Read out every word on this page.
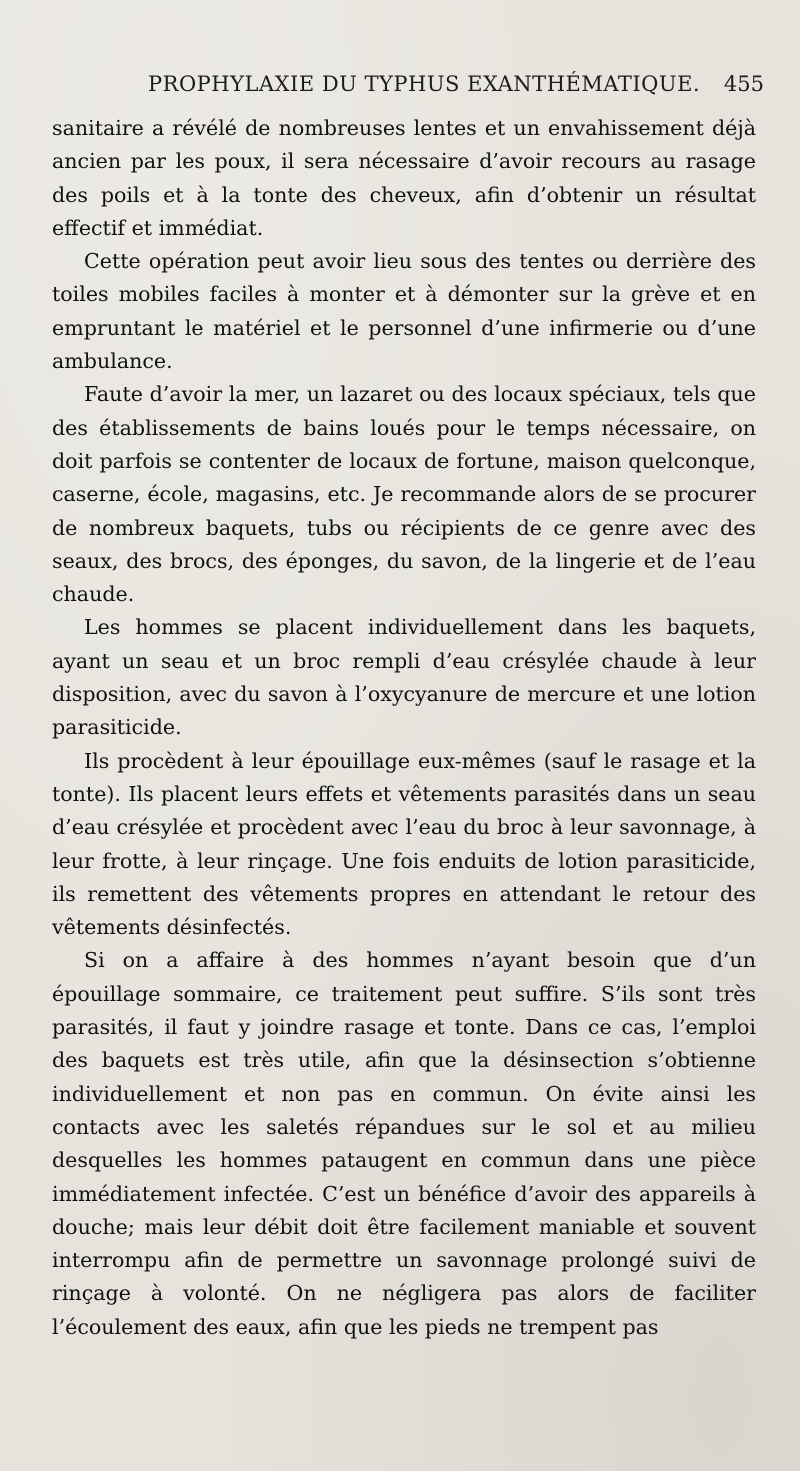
PROPHYLAXIE DU TYPHUS EXANTHÉMATIQUE. 455

sanitaire a révélé de nombreuses lentes et un envahissement déjà ancien par les poux, il sera nécessaire d’avoir recours au rasage des poils et à la tonte des cheveux, afin d’obtenir un résultat effectif et immédiat.

Cette opération peut avoir lieu sous des tentes ou derrière des toiles mobiles faciles à monter et à démonter sur la grève et en empruntant le matériel et le personnel d’une infirmerie ou d’une ambulance.

Faute d’avoir la mer, un lazaret ou des locaux spéciaux, tels que des établissements de bains loués pour le temps nécessaire, on doit parfois se contenter de locaux de fortune, maison quelconque, caserne, école, magasins, etc. Je recommande alors de se procurer de nombreux baquets, tubs ou récipients de ce genre avec des seaux, des brocs, des éponges, du savon, de la lingerie et de l’eau chaude.

Les hommes se placent individuellement dans les baquets, ayant un seau et un broc rempli d’eau crésylée chaude à leur disposition, avec du savon à l’oxycyanure de mercure et une lotion parasiticide.

Ils procèdent à leur épouillage eux-mêmes (sauf le rasage et la tonte). Ils placent leurs effets et vêtements parasités dans un seau d’eau crésylée et procèdent avec l’eau du broc à leur savonnage, à leur frotte, à leur rinçage. Une fois enduits de lotion parasiticide, ils remettent des vêtements propres en attendant le retour des vêtements désinfectés.

Si on a affaire à des hommes n’ayant besoin que d’un épouillage sommaire, ce traitement peut suffire. S’ils sont très parasités, il faut y joindre rasage et tonte. Dans ce cas, l’emploi des baquets est très utile, afin que la désinsection s’obtienne individuellement et non pas en commun. On évite ainsi les contacts avec les saletés répandues sur le sol et au milieu desquelles les hommes pataugent en commun dans une pièce immédiatement infectée. C’est un bénéfice d’avoir des appareils à douche; mais leur débit doit être facilement maniable et souvent interrompu afin de permettre un savonnage prolongé suivi de rinçage à volonté. On ne négligera pas alors de faciliter l’écoulement des eaux, afin que les pieds ne trempent pas
